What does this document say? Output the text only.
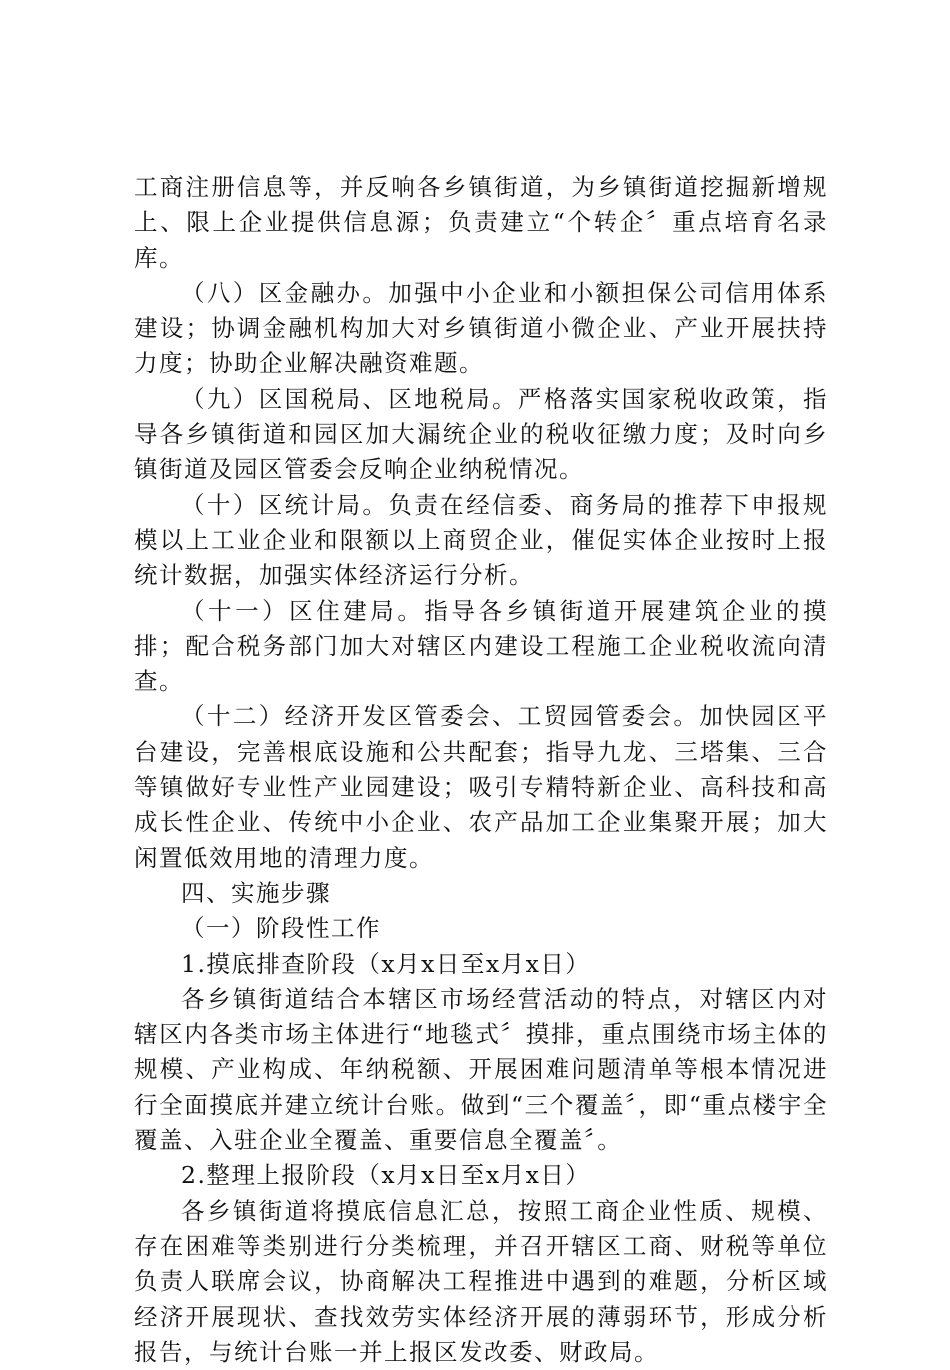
工商注册信息等，并反响各乡镇街道，为乡镇街道挖掘新增规上、限上企业提供信息源；负责建立“个转企〞重点培育名录库。

（八）区金融办。加强中小企业和小额担保公司信用体系建设；协调金融机构加大对乡镇街道小微企业、产业开展扶持力度；协助企业解决融资难题。

（九）区国税局、区地税局。严格落实国家税收政策，指导各乡镇街道和园区加大漏统企业的税收征缴力度；及时向乡镇街道及园区管委会反响企业纳税情况。

（十）区统计局。负责在经信委、商务局的推荐下申报规模以上工业企业和限额以上商贸企业，催促实体企业按时上报统计数据，加强实体经济运行分析。

（十一）区住建局。指导各乡镇街道开展建筑企业的摸排；配合税务部门加大对辖区内建设工程施工企业税收流向清查。

（十二）经济开发区管委会、工贸园管委会。加快园区平台建设，完善根底设施和公共配套；指导九龙、三塔集、三合等镇做好专业性产业园建设；吸引专精特新企业、高科技和高成长性企业、传统中小企业、农产品加工企业集聚开展；加大闲置低效用地的清理力度。

四、实施步骤

（一）阶段性工作

1.摸底排查阶段（x月x日至x月x日）

各乡镇街道结合本辖区市场经营活动的特点，对辖区内对辖区内各类市场主体进行“地毯式〞摸排，重点围绕市场主体的规模、产业构成、年纳税额、开展困难问题清单等根本情况进行全面摸底并建立统计台账。做到“三个覆盖〞，即“重点楼宇全覆盖、入驻企业全覆盖、重要信息全覆盖〞。

2.整理上报阶段（x月x日至x月x日）

各乡镇街道将摸底信息汇总，按照工商企业性质、规模、存在困难等类别进行分类梳理，并召开辖区工商、财税等单位负责人联席会议，协商解决工程推进中遇到的难题，分析区域经济开展现状、查找效劳实体经济开展的薄弱环节，形成分析报告，与统计台账一并上报区发改委、财政局。
